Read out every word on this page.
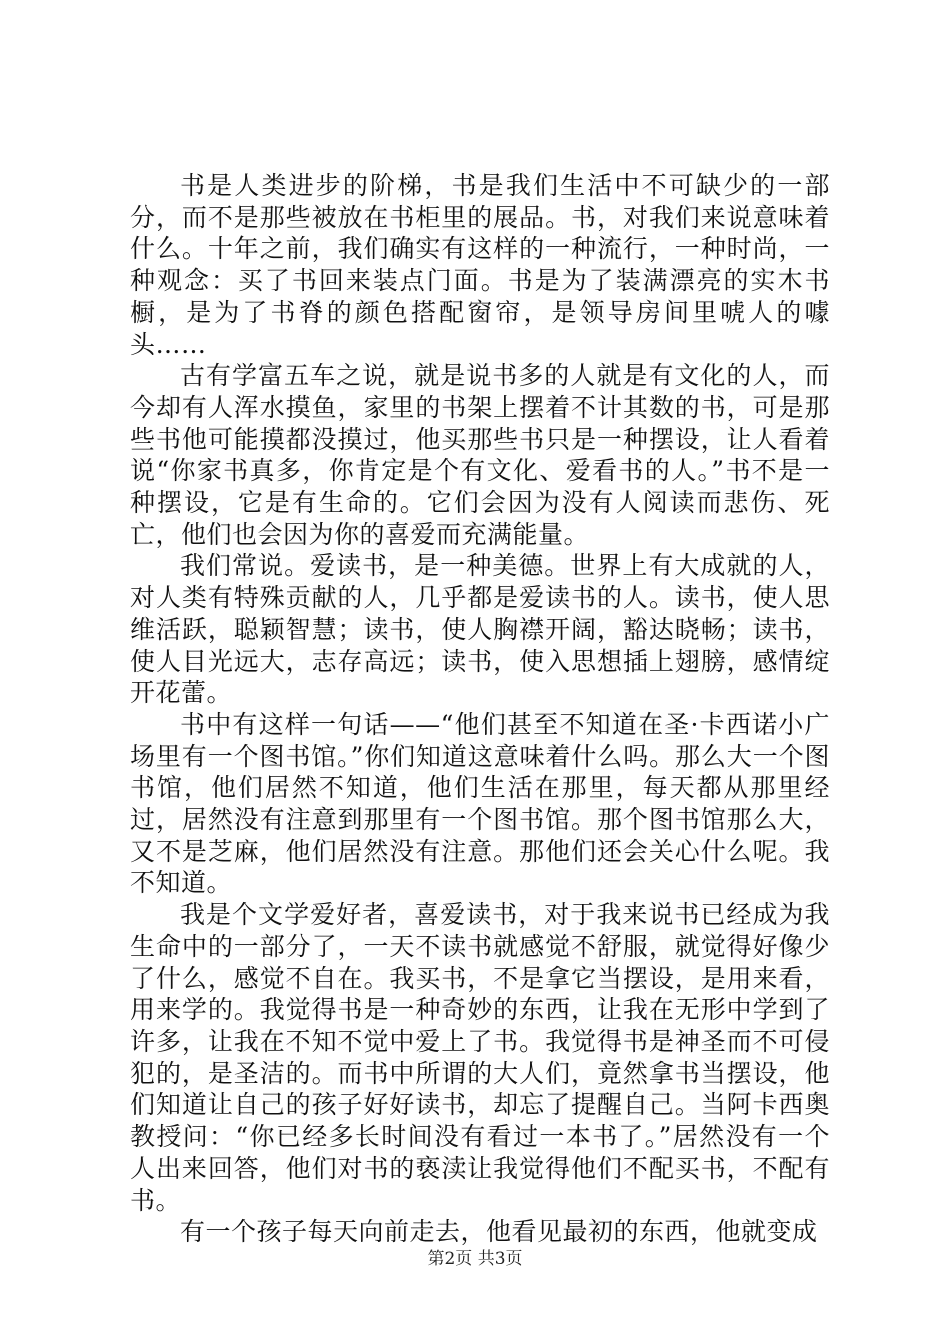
书是人类进步的阶梯，书是我们生活中不可缺少的一部分，而不是那些被放在书柜里的展品。书，对我们来说意味着什么。十年之前，我们确实有这样的一种流行，一种时尚，一种观念：买了书回来装点门面。书是为了装满漂亮的实木书橱，是为了书脊的颜色搭配窗帘，是领导房间里唬人的噱头……

古有学富五车之说，就是说书多的人就是有文化的人，而今却有人浑水摸鱼，家里的书架上摆着不计其数的书，可是那些书他可能摸都没摸过，他买那些书只是一种摆设，让人看着说“你家书真多，你肯定是个有文化、爱看书的人。”书不是一种摆设，它是有生命的。它们会因为没有人阅读而悲伤、死亡，他们也会因为你的喜爱而充满能量。

我们常说。爱读书，是一种美德。世界上有大成就的人，对人类有特殊贡献的人，几乎都是爱读书的人。读书，使人思维活跃，聪颖智慧；读书，使人胸襟开阔，豁达晓畅；读书，使人目光远大，志存高远；读书，使入思想插上翅膀，感情绽开花蕾。

书中有这样一句话——“他们甚至不知道在圣·卡西诺小广场里有一个图书馆。”你们知道这意味着什么吗。那么大一个图书馆，他们居然不知道，他们生活在那里，每天都从那里经过，居然没有注意到那里有一个图书馆。那个图书馆那么大，又不是芝麻，他们居然没有注意。那他们还会关心什么呢。我不知道。

我是个文学爱好者，喜爱读书，对于我来说书已经成为我生命中的一部分了，一天不读书就感觉不舒服，就觉得好像少了什么，感觉不自在。我买书，不是拿它当摆设，是用来看，用来学的。我觉得书是一种奇妙的东西，让我在无形中学到了许多，让我在不知不觉中爱上了书。我觉得书是神圣而不可侵犯的，是圣洁的。而书中所谓的大人们，竟然拿书当摆设，他们知道让自己的孩子好好读书，却忘了提醒自己。当阿卡西奥教授问：“你已经多长时间没有看过一本书了。”居然没有一个人出来回答，他们对书的亵渎让我觉得他们不配买书，不配有书。

有一个孩子每天向前走去，他看见最初的东西，他就变成

第2页 共3页
